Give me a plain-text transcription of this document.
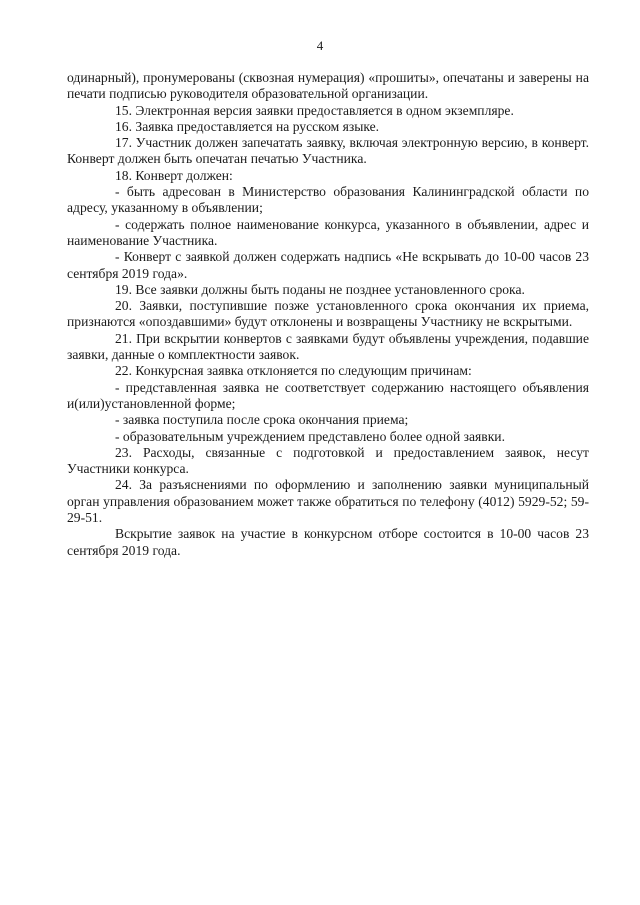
4

одинарный), пронумерованы (сквозная нумерация) «прошиты», опечатаны и заверены на печати подписью руководителя образовательной организации.

15. Электронная версия заявки предоставляется в одном экземпляре.

16. Заявка предоставляется на русском языке.

17. Участник должен запечатать заявку, включая электронную версию, в конверт. Конверт должен быть опечатан печатью Участника.

18. Конверт должен:

- быть адресован в Министерство образования Калининградской области по адресу, указанному в объявлении;

- содержать полное наименование конкурса, указанного в объявлении, адрес и наименование Участника.

- Конверт с заявкой должен содержать надпись «Не вскрывать до 10-00 часов 23 сентября 2019 года».

19. Все заявки должны быть поданы не позднее установленного срока.

20. Заявки, поступившие позже установленного срока окончания их приема, признаются «опоздавшими» будут отклонены и возвращены Участнику не вскрытыми.

21. При вскрытии конвертов с заявками будут объявлены учреждения, подавшие заявки, данные о комплектности заявок.

22. Конкурсная заявка отклоняется по следующим причинам:

- представленная заявка не соответствует содержанию настоящего объявления и(или)установленной форме;

- заявка поступила после срока окончания приема;

- образовательным учреждением представлено более одной заявки.

23. Расходы, связанные с подготовкой и предоставлением заявок, несут Участники конкурса.

24. За разъяснениями по оформлению и заполнению заявки муниципальный орган управления образованием может также обратиться по телефону (4012) 5929-52; 59-29-51.

Вскрытие заявок на участие в конкурсном отборе состоится в 10-00 часов 23 сентября 2019 года.
